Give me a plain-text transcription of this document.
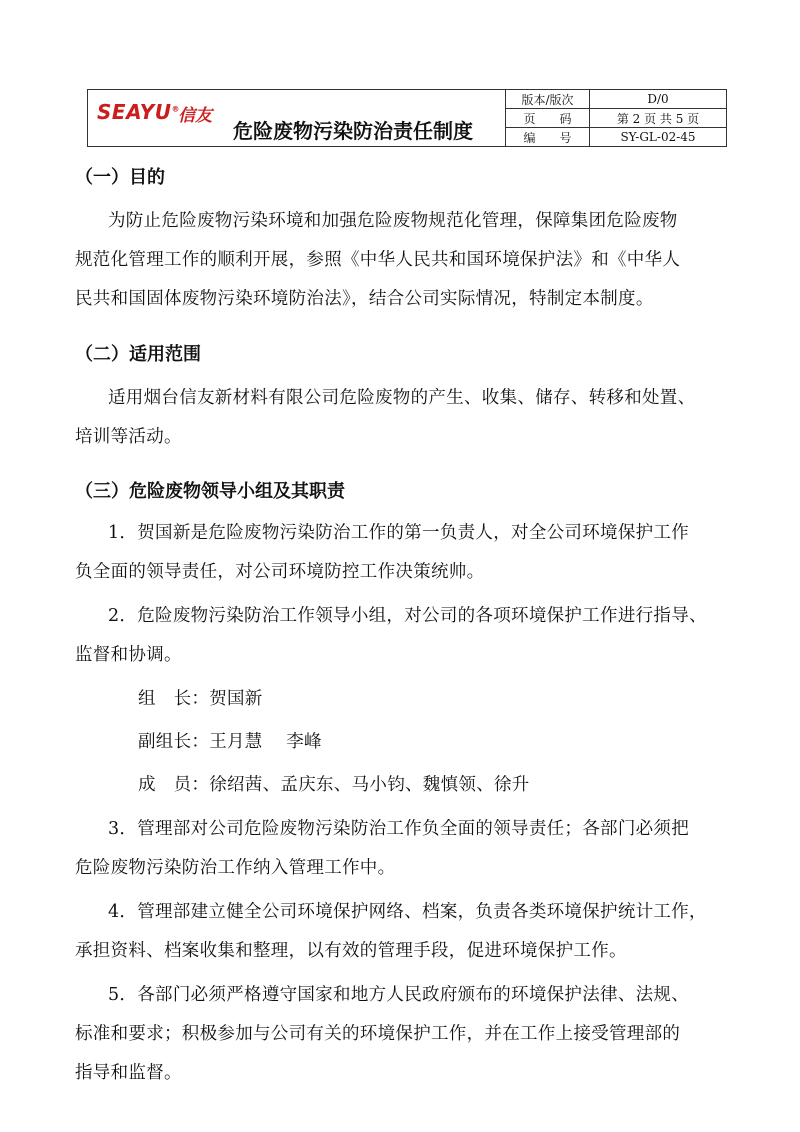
SEAYU®
信友
危险废物污染防治责任制度
版本/版次	D/0
页　　码	第 2 页 共 5 页
编　　号	SY-GL-02-45
（一）目的
为防止危险废物污染环境和加强危险废物规范化管理，保障集团危险废物
规范化管理工作的顺利开展，参照《中华人民共和国环境保护法》和《中华人
民共和国固体废物污染环境防治法》，结合公司实际情况，特制定本制度。
（二）适用范围
适用烟台信友新材料有限公司危险废物的产生、收集、储存、转移和处置、
培训等活动。
（三）危险废物领导小组及其职责
1．贺国新是危险废物污染防治工作的第一负责人，对全公司环境保护工作
负全面的领导责任，对公司环境防控工作决策统帅。
2．危险废物污染防治工作领导小组，对公司的各项环境保护工作进行指导、
监督和协调。
组　长：贺国新
副组长：王月慧　 李峰
成　员：徐绍茜、孟庆东、马小钧、魏慎领、徐升
3．管理部对公司危险废物污染防治工作负全面的领导责任；各部门必须把
危险废物污染防治工作纳入管理工作中。
4．管理部建立健全公司环境保护网络、档案，负责各类环境保护统计工作，
承担资料、档案收集和整理，以有效的管理手段，促进环境保护工作。
5．各部门必须严格遵守国家和地方人民政府颁布的环境保护法律、法规、
标准和要求；积极参加与公司有关的环境保护工作，并在工作上接受管理部的
指导和监督。
